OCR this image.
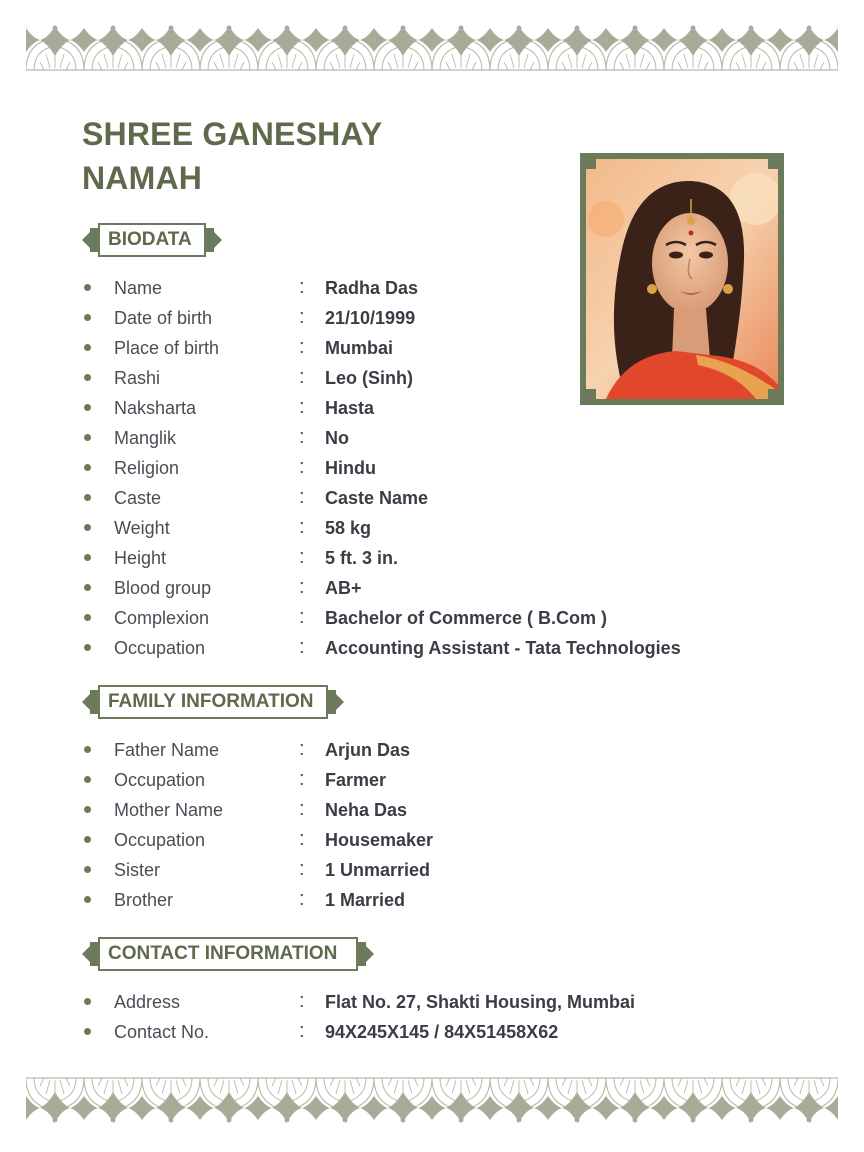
SHREE GANESHAY NAMAH
BIODATA
FAMILY INFORMATION
CONTACT INFORMATION
Name	: Radha Das
Date of birth	: 21/10/1999
Place of birth	: Mumbai
Rashi	: Leo (Sinh)
Naksharta	: Hasta
Manglik	: No
Religion	: Hindu
Caste	: Caste Name
Weight	: 58 kg
Height	: 5 ft. 3 in.
Blood group	: AB+
Complexion	: Bachelor of Commerce ( B.Com )
Occupation	: Accounting Assistant - Tata Technologies
Father Name	: Arjun Das
Occupation	: Farmer
Mother Name	: Neha Das
Occupation	: Housemaker
Sister	: 1 Unmarried
Brother	: 1 Married
Address	: Flat No. 27, Shakti Housing, Mumbai
Contact No.	: 94X245X145 / 84X51458X62
